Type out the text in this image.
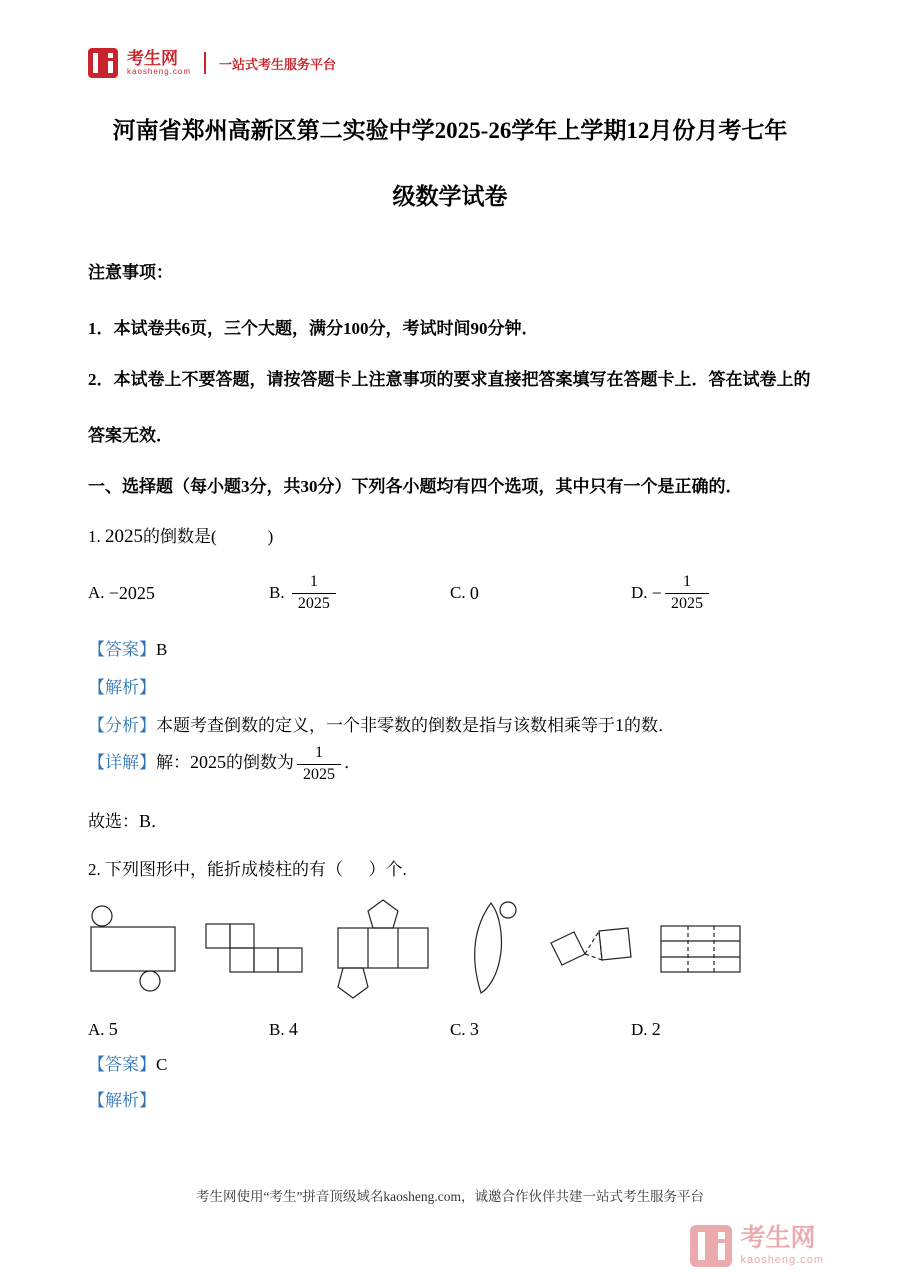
考生网
kaosheng.com 一站式考生服务平台
河南省郑州高新区第二实验中学2025-26学年上学期12月份月考七年
级数学试卷

注意事项：

1．本试卷共6页，三个大题，满分100分，考试时间90分钟．

2．本试卷上不要答题，请按答题卡上注意事项的要求直接把答案填写在答题卡上．答在试卷上的答案无效．

一、选择题（每小题3分，共30分）下列各小题均有四个选项，其中只有一个是正确的．

1. 2025的倒数是(            )

A.
−2025	B.
$\frac{1}{2025}$	C.
0	D.
− $\frac{1}{2025}$

【答案】B

【解析】

【分析】本题考查倒数的定义，一个非零数的倒数是指与该数相乘等于1的数．

【详解】解：2025的倒数为 $\frac{1}{2025}$ ．

故选：B．

2. 下列图形中，能折成棱柱的有（      ）个.

A.
5	B.
4	C.
3	D.
2

【答案】C

【解析】

考生网使用“考生”拼音顶级域名kaosheng.com，诚邀合作伙伴共建一站式考生服务平台
考生网
kaosheng.com
